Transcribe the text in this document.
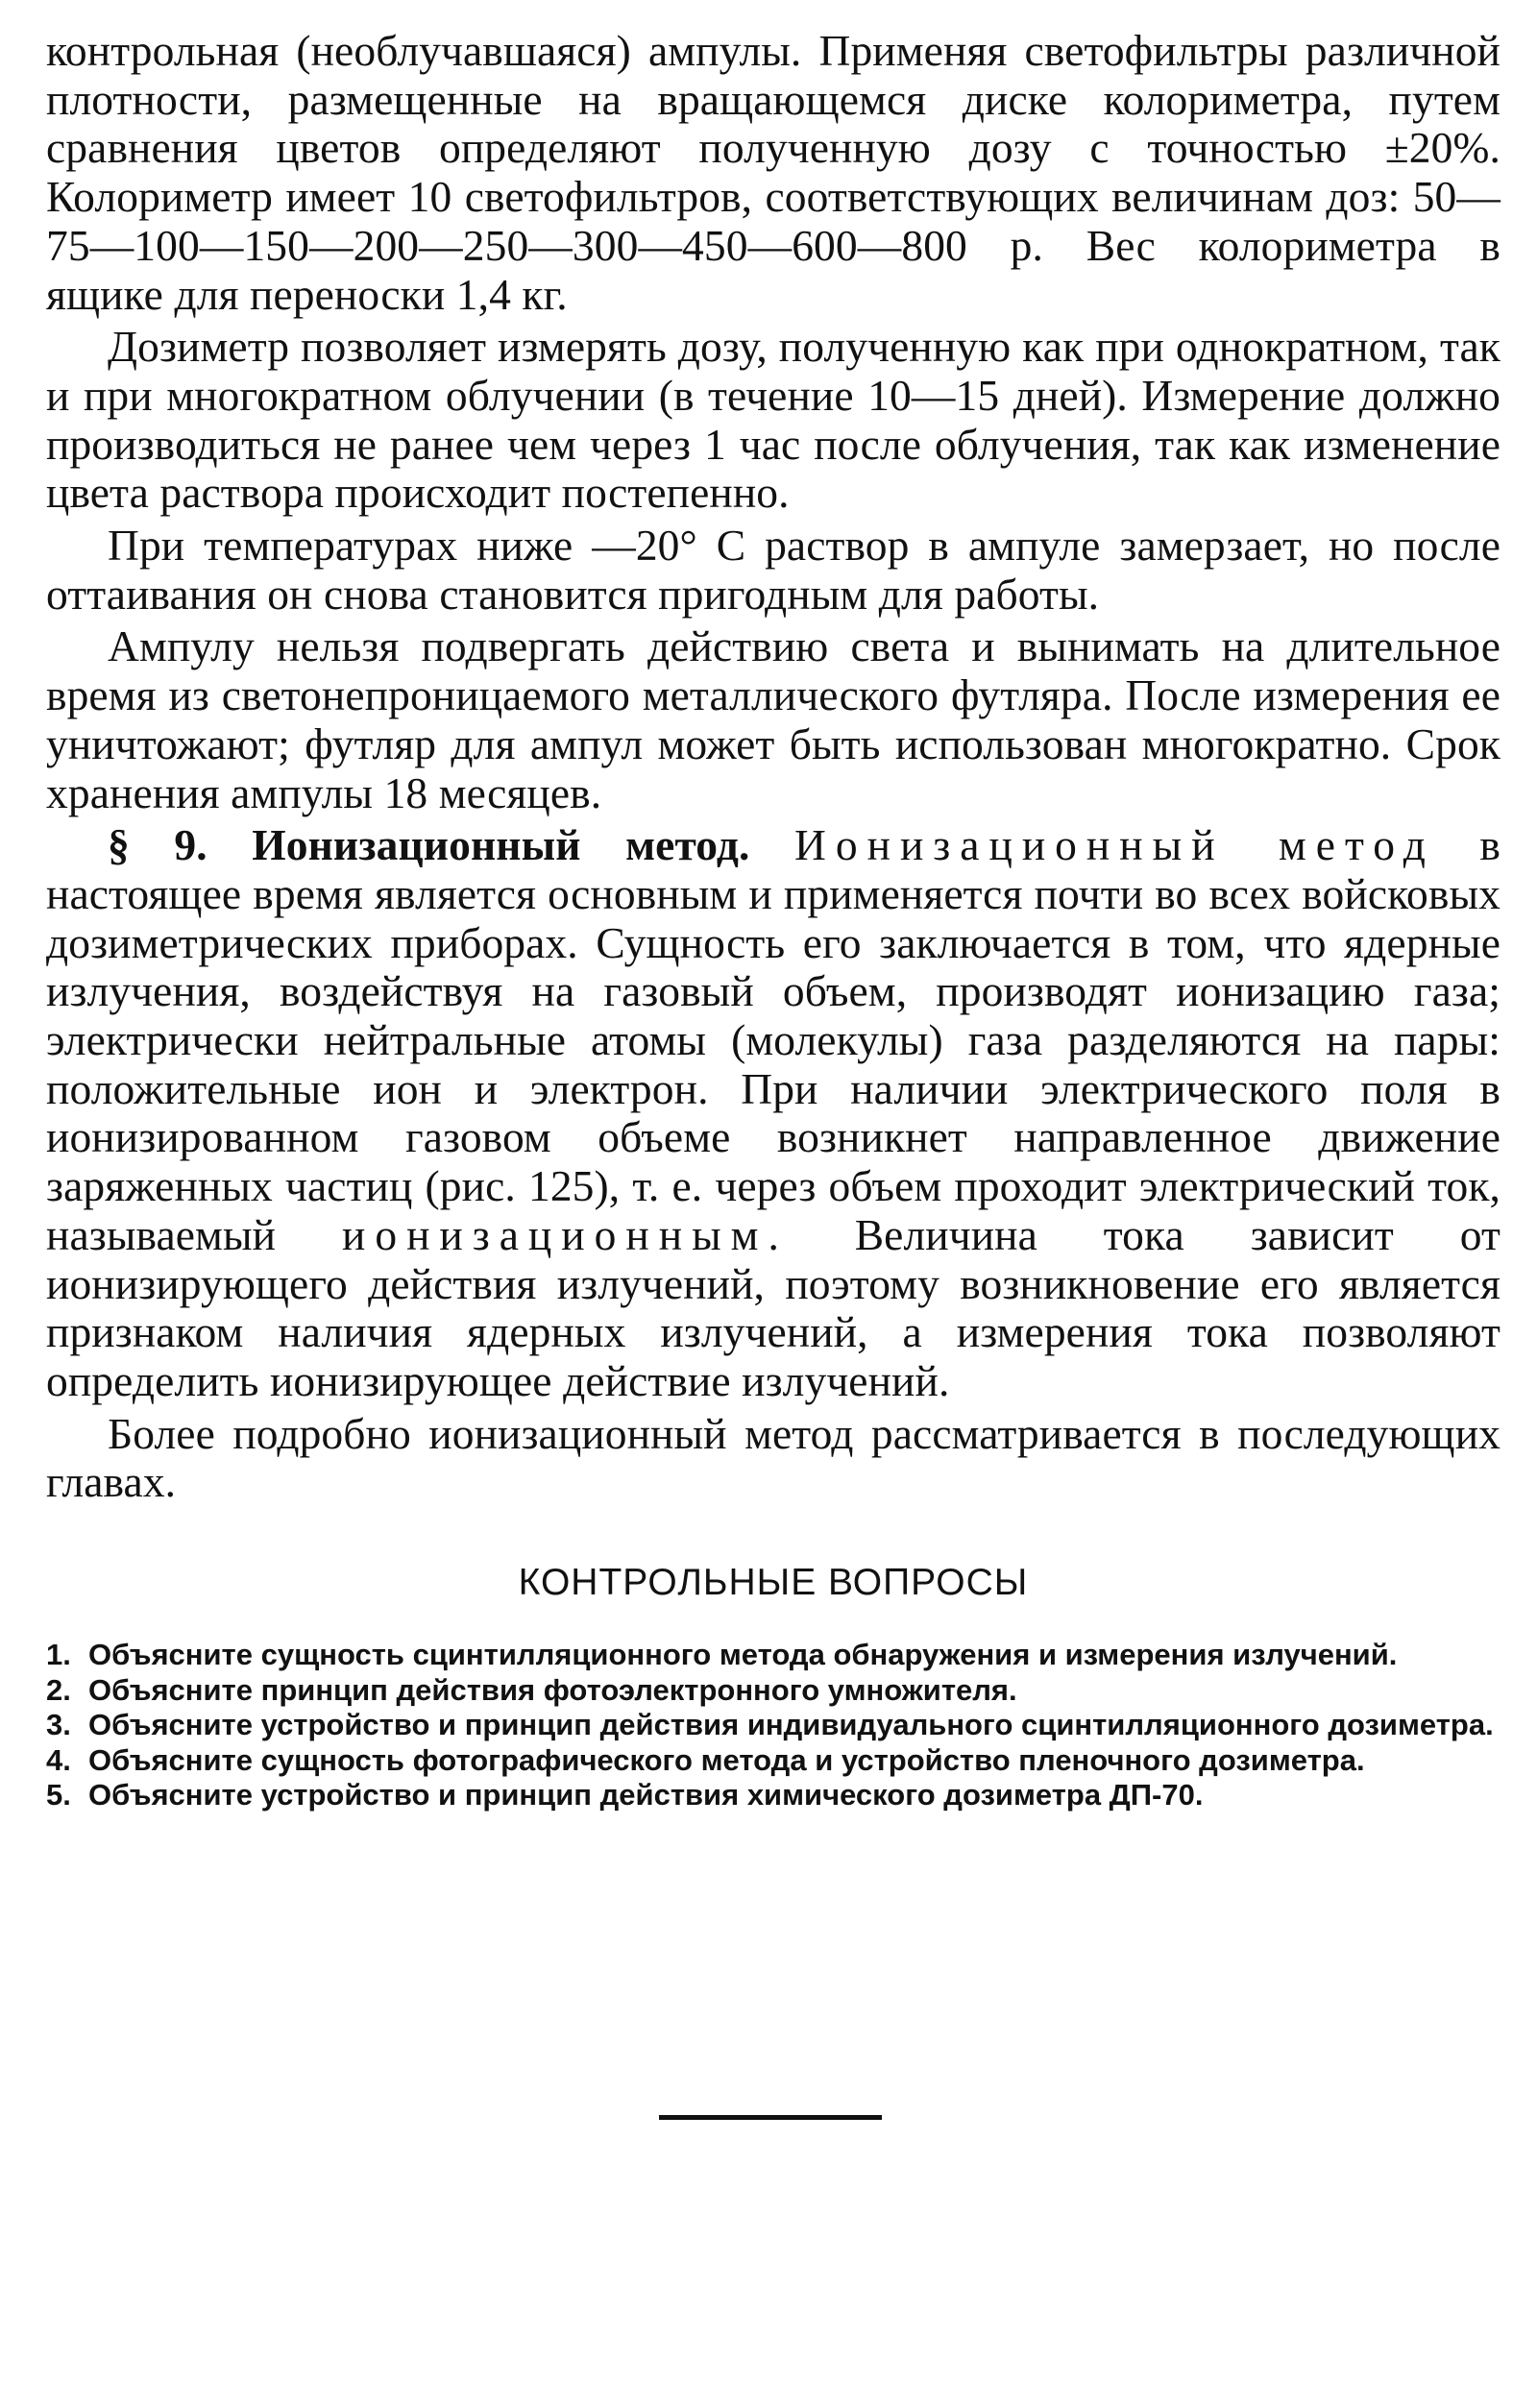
контрольная (необлучавшаяся) ампулы. Применяя светофильтры различной плотности, размещенные на вращающемся диске колориметра, путем сравнения цветов определяют полученную дозу с точностью ±20%. Колориметр имеет 10 светофильтров, соответствующих величинам доз: 50—75—100—150—200—250—300—450—600—800 р. Вес колориметра в ящике для переноски 1,4 кг.

Дозиметр позволяет измерять дозу, полученную как при однократном, так и при многократном облучении (в течение 10—15 дней). Измерение должно производиться не ранее чем через 1 час после облучения, так как изменение цвета раствора происходит постепенно.

При температурах ниже —20° С раствор в ампуле замерзает, но после оттаивания он снова становится пригодным для работы.

Ампулу нельзя подвергать действию света и вынимать на длительное время из светонепроницаемого металлического футляра. После измерения ее уничтожают; футляр для ампул может быть использован многократно. Срок хранения ампулы 18 месяцев.

§ 9. Ионизационный метод. Ионизационный метод в настоящее время является основным и применяется почти во всех войсковых дозиметрических приборах. Сущность его заключается в том, что ядерные излучения, воздействуя на газовый объем, производят ионизацию газа; электрически нейтральные атомы (молекулы) газа разделяются на пары: положительные ион и электрон. При наличии электрического поля в ионизированном газовом объеме возникнет направленное движение заряженных частиц (рис. 125), т. е. через объем проходит электрический ток, называемый ионизационным. Величина тока зависит от ионизирующего действия излучений, поэтому возникновение его является признаком наличия ядерных излучений, а измерения тока позволяют определить ионизирующее действие излучений.

Более подробно ионизационный метод рассматривается в последующих главах.

КОНТРОЛЬНЫЕ ВОПРОСЫ
1. Объясните сущность сцинтилляционного метода обнаружения и измерения излучений.
2. Объясните принцип действия фотоэлектронного умножителя.
3. Объясните устройство и принцип действия индивидуального сцинтилляционного дозиметра.
4. Объясните сущность фотографического метода и устройство пленочного дозиметра.
5. Объясните устройство и принцип действия химического дозиметра ДП-70.
